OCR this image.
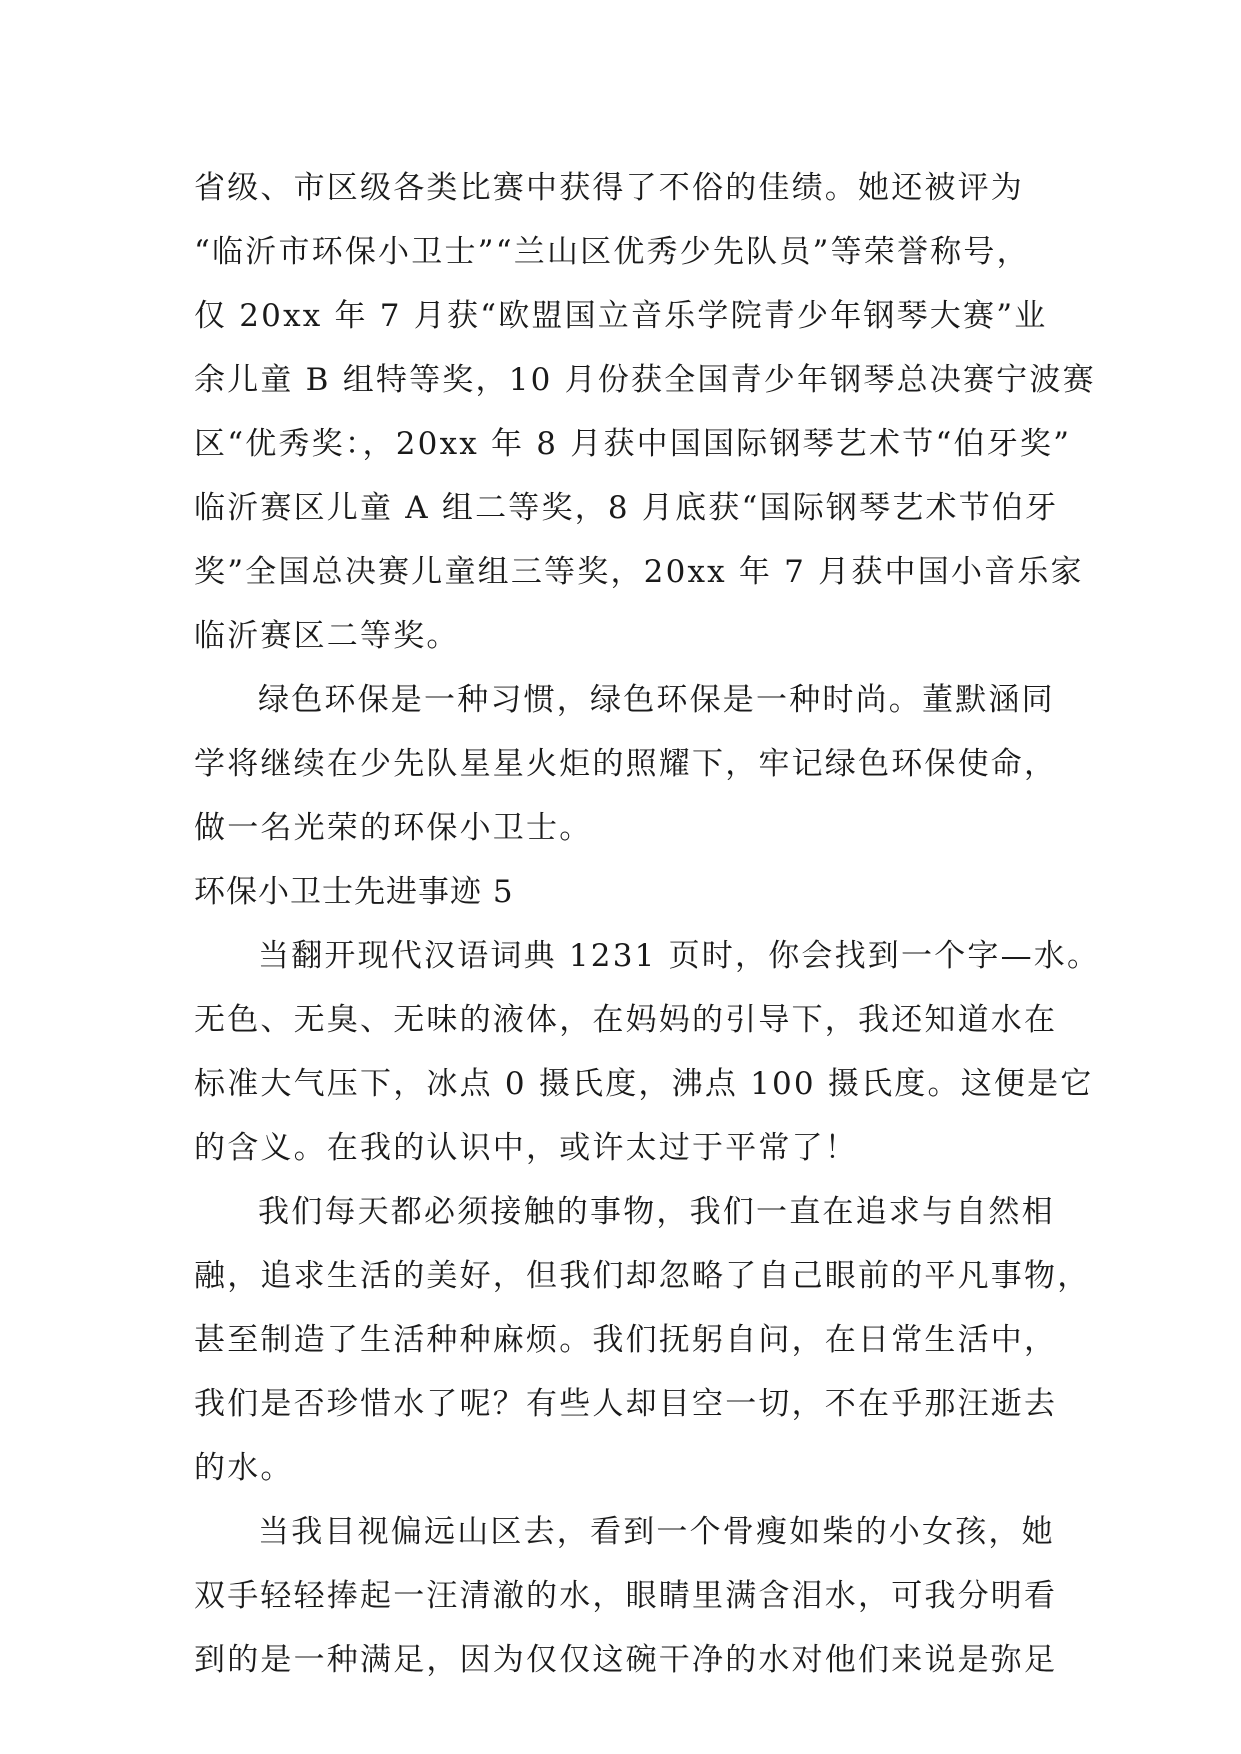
省级、市区级各类比赛中获得了不俗的佳绩。她还被评为
“临沂市环保小卫士”“兰山区优秀少先队员”等荣誉称号，
仅 20xx 年 7 月获“欧盟国立音乐学院青少年钢琴大赛”业
余儿童 B 组特等奖，10 月份获全国青少年钢琴总决赛宁波赛
区“优秀奖：，20xx 年 8 月获中国国际钢琴艺术节“伯牙奖”
临沂赛区儿童 A 组二等奖，8 月底获“国际钢琴艺术节伯牙
奖”全国总决赛儿童组三等奖，20xx 年 7 月获中国小音乐家
临沂赛区二等奖。
绿色环保是一种习惯，绿色环保是一种时尚。董默涵同
学将继续在少先队星星火炬的照耀下，牢记绿色环保使命，
做一名光荣的环保小卫士。
环保小卫士先进事迹 5
当翻开现代汉语词典 1231 页时，你会找到一个字—水。
无色、无臭、无味的液体，在妈妈的引导下，我还知道水在
标准大气压下，冰点 0 摄氏度，沸点 100 摄氏度。这便是它
的含义。在我的认识中，或许太过于平常了！
我们每天都必须接触的事物，我们一直在追求与自然相
融，追求生活的美好，但我们却忽略了自己眼前的平凡事物，
甚至制造了生活种种麻烦。我们抚躬自问，在日常生活中，
我们是否珍惜水了呢？有些人却目空一切，不在乎那汪逝去
的水。
当我目视偏远山区去，看到一个骨瘦如柴的小女孩，她
双手轻轻捧起一汪清澈的水，眼睛里满含泪水，可我分明看
到的是一种满足，因为仅仅这碗干净的水对他们来说是弥足
